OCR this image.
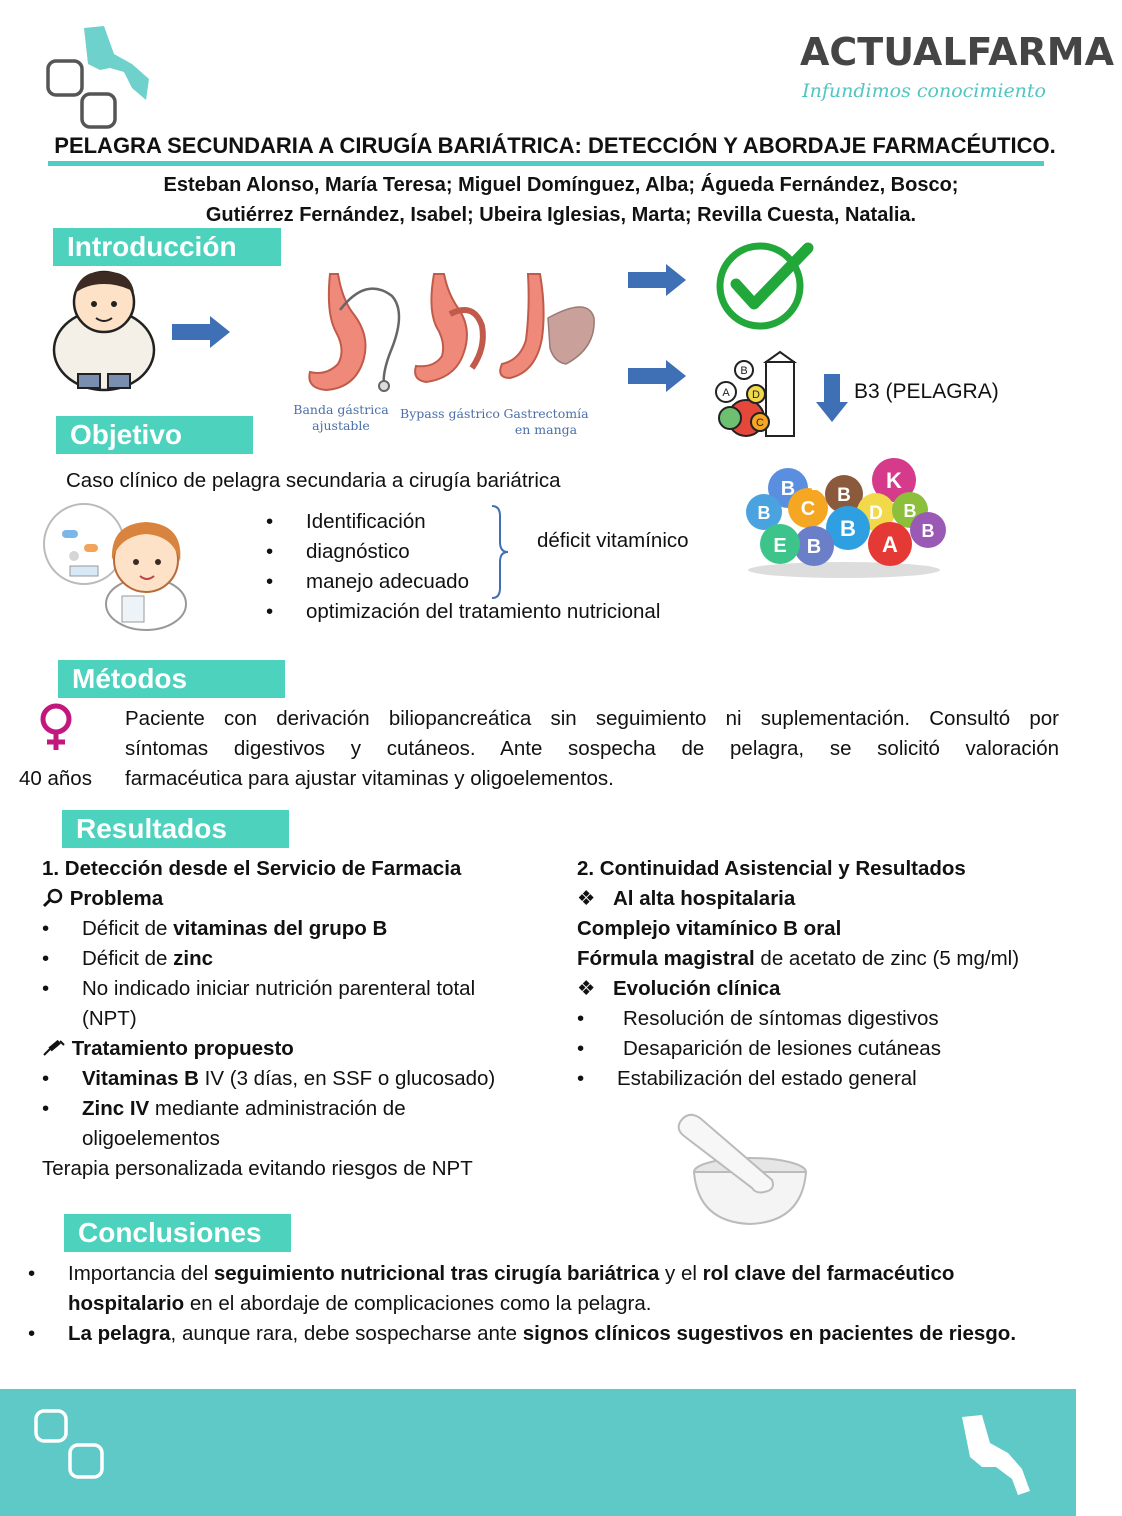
ACTUALFARMA
Infundimos conocimiento
PELAGRA SECUNDARIA A CIRUGÍA BARIÁTRICA: DETECCIÓN Y ABORDAJE FARMACÉUTICO.
Esteban Alonso, María Teresa; Miguel Domínguez, Alba; Águeda Fernández, Bosco;
Gutiérrez Fernández, Isabel; Ubeira Iglesias, Marta; Revilla Cuesta, Natalia.
Introducción
Banda gástrica
ajustable
Bypass gástrico Gastrectomía
en manga
A
B
D
C
B3 (PELAGRA)
Objetivo
Caso clínico de pelagra secundaria a cirugía bariátrica
• Identificación
• diagnóstico
• manejo adecuado
• optimización del tratamiento nutricional
déficit vitamínico
B
B C
B
B
K
B
B
E B	A
D
B
Métodos
40 años
Paciente con derivación biliopancreática sin seguimiento ni suplementación. Consultó por
síntomas digestivos y cutáneos. Ante sospecha de pelagra, se solicitó valoración
farmacéutica para ajustar vitaminas y oligoelementos.
Resultados
1. Detección desde el Servicio de Farmacia
Problema
• Déficit de vitaminas del grupo B
• Déficit de zinc
• No indicado iniciar nutrición parenteral total
(NPT)
Tratamiento propuesto
• Vitaminas B IV (3 días, en SSF o glucosado)
• Zinc IV mediante administración de
oligoelementos
Terapia personalizada evitando riesgos de NPT
2. Continuidad Asistencial y Resultados
❖ Al alta hospitalaria
Complejo vitamínico B oral
Fórmula magistral de acetato de zinc (5 mg/ml)
❖ Evolución clínica
• Resolución de síntomas digestivos
• Desaparición de lesiones cutáneas
• Estabilización del estado general
Conclusiones
• Importancia del seguimiento nutricional tras cirugía bariátrica y el rol clave del farmacéutico
hospitalario en el abordaje de complicaciones como la pelagra.
• La pelagra, aunque rara, debe sospecharse ante signos clínicos sugestivos en pacientes de riesgo.
